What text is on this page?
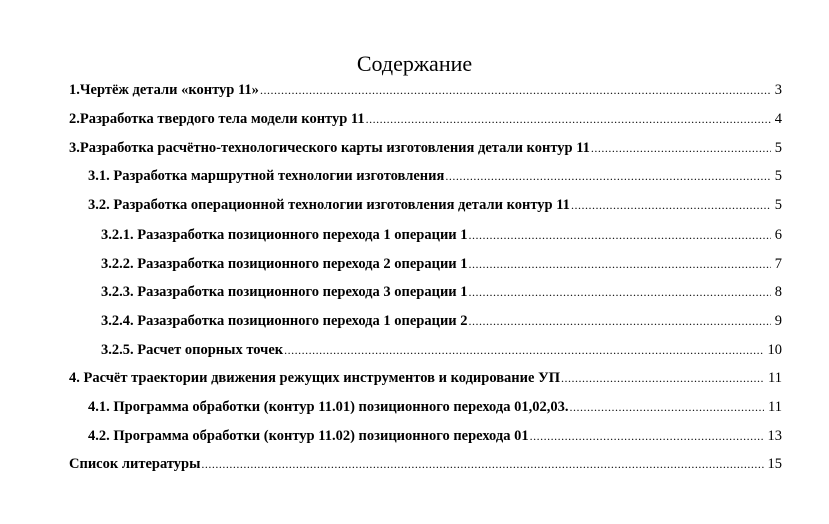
Содержание
1.Чертёж детали «контур 11» .....	3
2.Разработка твердого тела модели контур 11 .....	4
3.Разработка расчётно-технологического карты изготовления детали контур 11 .....	5
3.1. Разработка маршрутной технологии изготовления .....	5
3.2. Разработка операционной технологии изготовления детали контур 11 .....	5
3.2.1. Разазработка позиционного перехода 1 операции 1 .....	6
3.2.2. Разазработка позиционного перехода 2 операции 1 .....	7
3.2.3. Разазработка позиционного перехода 3 операции 1 .....	8
3.2.4. Разазработка позиционного перехода 1 операции 2 .....	9
3.2.5. Расчет опорных точек .....	10
4. Расчёт траектории движения режущих инструментов и кодирование УП .....	11
4.1. Программа обработки (контур 11.01) позиционного перехода 01,02,03. .....	11
4.2. Программа обработки (контур 11.02) позиционного перехода 01 .....	13
Список литературы .....	15
